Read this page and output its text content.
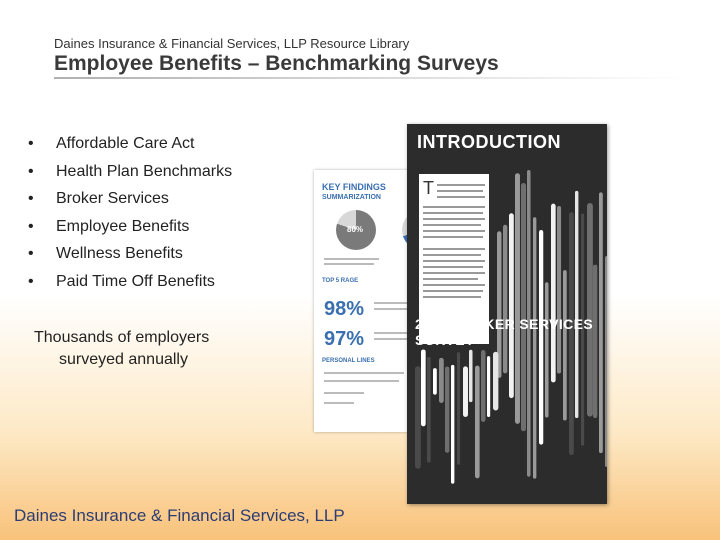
Daines Insurance & Financial Services, LLP Resource Library
Employee Benefits – Benchmarking Surveys
• Affordable Care Act
• Health Plan Benchmarks
• Broker Services
• Employee Benefits
• Wellness Benefits
• Paid Time Off Benefits
Thousands of employers
surveyed annually
KEY FINDINGS
SUMMARIZATION
80%
TOP 5 RAGE
98%
97%
PERSONAL LINES
INTRODUCTION
T
2016 BROKER SERVICES SURVEY
Daines Insurance & Financial Services, LLP
